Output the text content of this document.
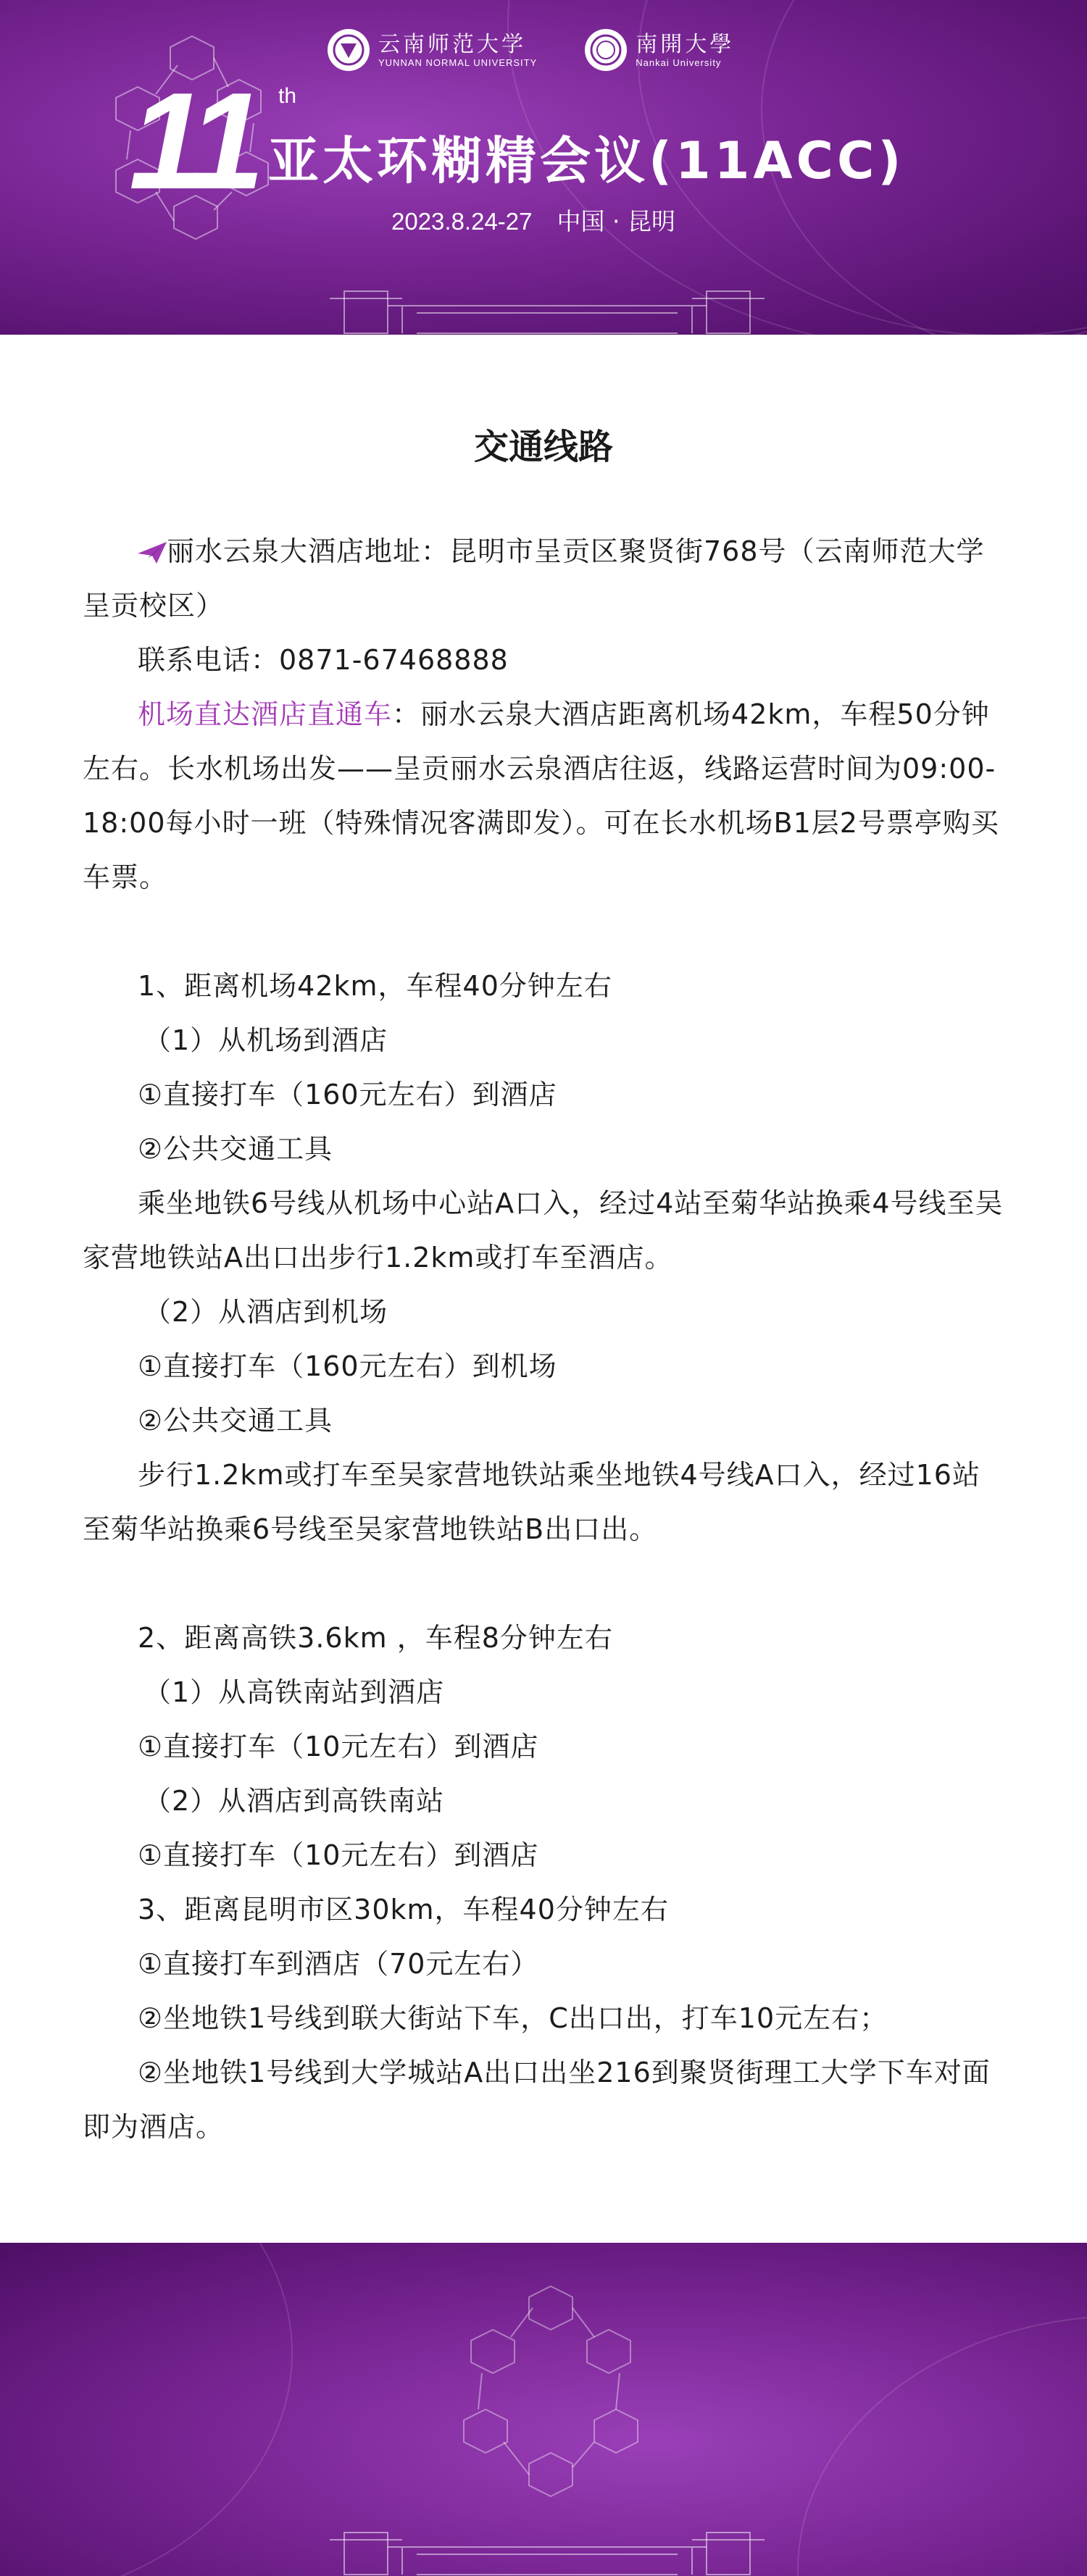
云南师范大学
YUNNAN NORMAL UNIVERSITY
南開大學
Nankai University
11 th
亚太环糊精会议(11ACC)
2023.8.24-27 中国 · 昆明
交通线路

丽水云泉大酒店地址：昆明市呈贡区聚贤街768号（云南师范大学呈贡校区）

联系电话：0871-67468888

机场直达酒店直通车：丽水云泉大酒店距离机场42km，车程50分钟左右。长水机场出发——呈贡丽水云泉酒店往返，线路运营时间为09:00-18:00每小时一班（特殊情况客满即发）。可在长水机场B1层2号票亭购买车票。

1、距离机场42km，车程40分钟左右

（1）从机场到酒店

①直接打车（160元左右）到酒店

②公共交通工具

乘坐地铁6号线从机场中心站A口入，经过4站至菊华站换乘4号线至吴家营地铁站A出口出步行1.2km或打车至酒店。

（2）从酒店到机场

①直接打车（160元左右）到机场

②公共交通工具

步行1.2km或打车至吴家营地铁站乘坐地铁4号线A口入，经过16站至菊华站换乘6号线至吴家营地铁站B出口出。

2、距离高铁3.6km ，车程8分钟左右

（1）从高铁南站到酒店

①直接打车（10元左右）到酒店

（2）从酒店到高铁南站

①直接打车（10元左右）到酒店

3、距离昆明市区30km，车程40分钟左右

①直接打车到酒店（70元左右）

②坐地铁1号线到联大街站下车，C出口出，打车10元左右；

②坐地铁1号线到大学城站A出口出坐216到聚贤街理工大学下车对面即为酒店。
